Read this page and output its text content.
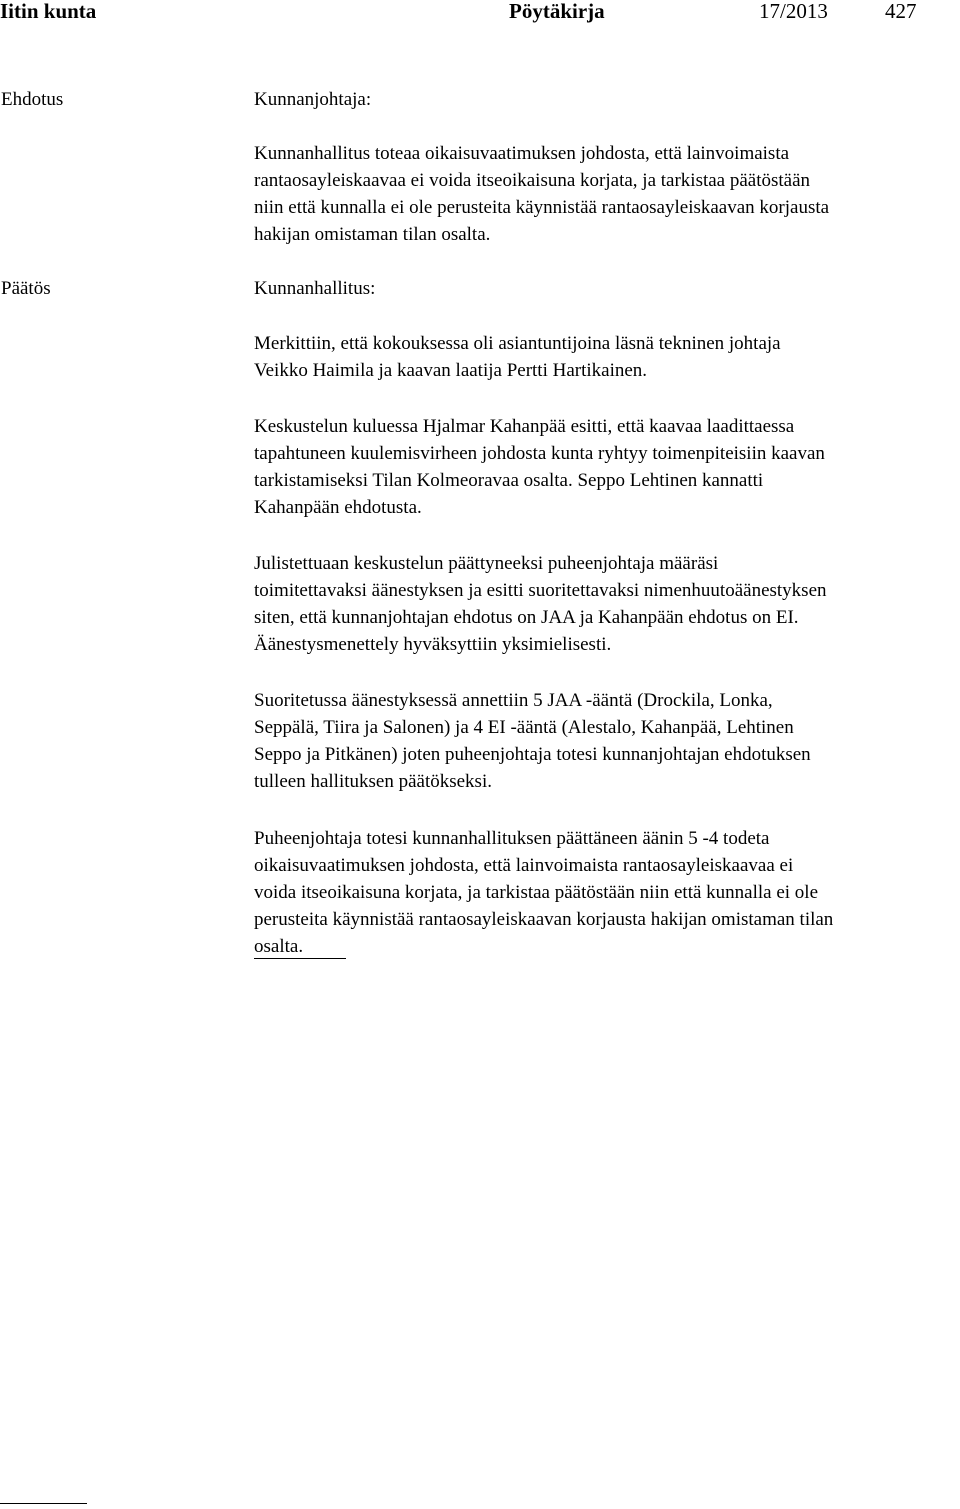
Iitin kunta	Pöytäkirja	17/2013	427
Ehdotus	Kunnanjohtaja:
Kunnanhallitus toteaa oikaisuvaatimuksen johdosta, että lainvoimaista
rantaosayleiskaavaa ei voida itseoikaisuna korjata, ja tarkistaa päätöstään
niin että kunnalla ei ole perusteita käynnistää rantaosayleiskaavan korjausta
hakijan omistaman tilan osalta.
Päätös	Kunnanhallitus:
Merkittiin, että kokouksessa oli asiantuntijoina läsnä tekninen johtaja
Veikko Haimila ja kaavan laatija Pertti Hartikainen.
Keskustelun kuluessa Hjalmar Kahanpää esitti, että kaavaa laadittaessa
tapahtuneen kuulemisvirheen johdosta kunta ryhtyy toimenpiteisiin kaavan
tarkistamiseksi Tilan Kolmeoravaa osalta. Seppo Lehtinen kannatti
Kahanpään ehdotusta.
Julistettuaan keskustelun päättyneeksi puheenjohtaja määräsi
toimitettavaksi äänestyksen ja esitti suoritettavaksi nimenhuutoäänestyksen
siten, että kunnanjohtajan ehdotus on JAA ja Kahanpään ehdotus on EI.
Äänestysmenettely hyväksyttiin yksimielisesti.
Suoritetussa äänestyksessä annettiin 5 JAA -ääntä (Drockila, Lonka,
Seppälä, Tiira ja Salonen) ja 4 EI -ääntä (Alestalo, Kahanpää, Lehtinen
Seppo ja Pitkänen) joten puheenjohtaja totesi kunnanjohtajan ehdotuksen
tulleen hallituksen päätökseksi.
Puheenjohtaja totesi kunnanhallituksen päättäneen äänin 5 -4 todeta
oikaisuvaatimuksen johdosta, että lainvoimaista rantaosayleiskaavaa ei
voida itseoikaisuna korjata, ja tarkistaa päätöstään niin että kunnalla ei ole
perusteita käynnistää rantaosayleiskaavan korjausta hakijan omistaman tilan
osalta.
